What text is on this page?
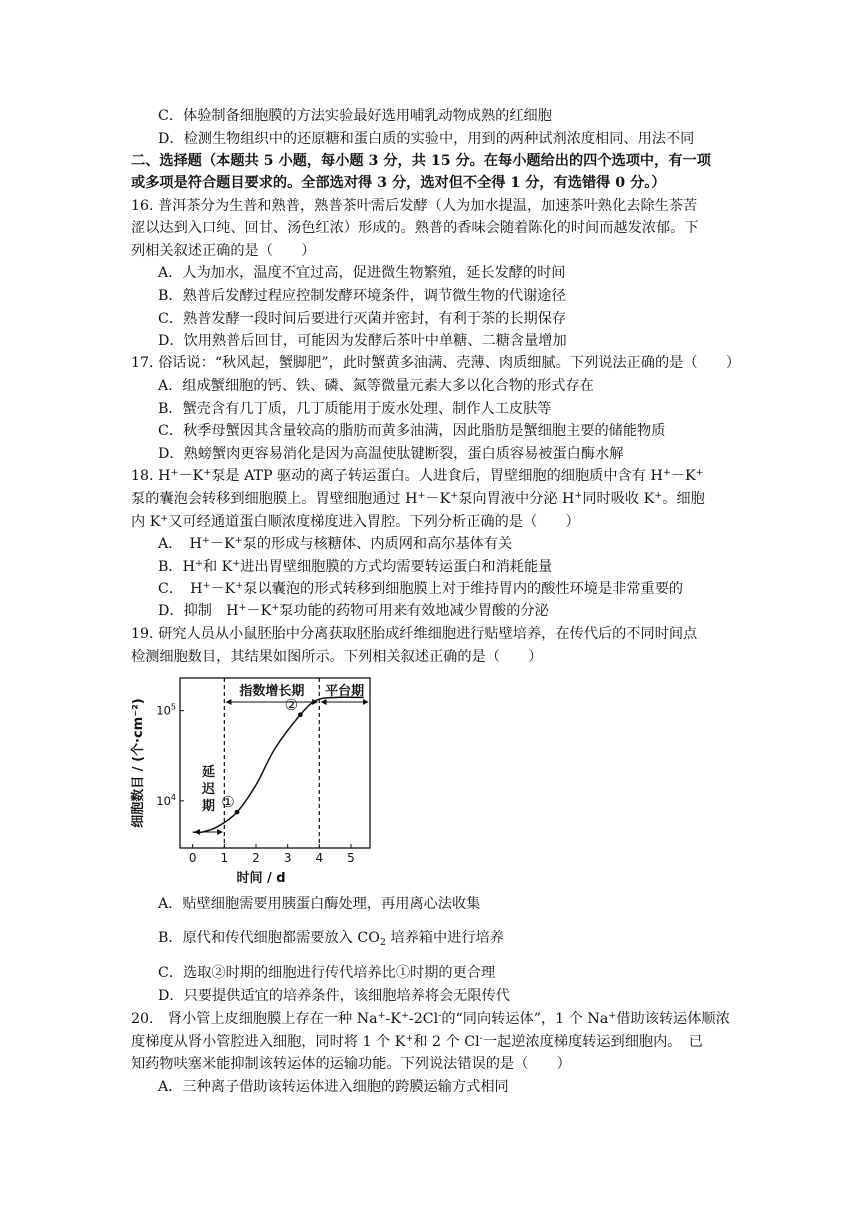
C．体验制备细胞膜的方法实验最好选用哺乳动物成熟的红细胞
D．检测生物组织中的还原糖和蛋白质的实验中，用到的两种试剂浓度相同、用法不同
二、选择题（本题共 5 小题，每小题 3 分，共 15 分。在每小题给出的四个选项中，有一项
或多项是符合题目要求的。全部选对得 3 分，选对但不全得 1 分，有选错得 0 分。）
16. 普洱茶分为生普和熟普，熟普茶叶需后发酵（人为加水提温，加速茶叶熟化去除生茶苦
涩以达到入口纯、回甘、汤色红浓）形成的。熟普的香味会随着陈化的时间而越发浓郁。下
列相关叙述正确的是（　　）
A．人为加水，温度不宜过高，促进微生物繁殖，延长发酵的时间
B．熟普后发酵过程应控制发酵环境条件，调节微生物的代谢途径
C．熟普发酵一段时间后要进行灭菌并密封，有利于茶的长期保存
D．饮用熟普后回甘，可能因为发酵后茶叶中单糖、二糖含量增加
17. 俗话说：“秋风起，蟹脚肥”，此时蟹黄多油满、壳薄、肉质细腻。下列说法正确的是（　　）
A．组成蟹细胞的钙、铁、磷、氮等微量元素大多以化合物的形式存在
B．蟹壳含有几丁质，几丁质能用于废水处理、制作人工皮肤等
C．秋季母蟹因其含量较高的脂肪而黄多油满，因此脂肪是蟹细胞主要的储能物质
D．熟螃蟹肉更容易消化是因为高温使肽键断裂，蛋白质容易被蛋白酶水解
18. H+－K+泵是 ATP 驱动的离子转运蛋白。人进食后，胃壁细胞的细胞质中含有 H+－K+
泵的囊泡会转移到细胞膜上。胃壁细胞通过 H+－K+泵向胃液中分泌 H+同时吸收 K+。细胞
内 K+又可经通道蛋白顺浓度梯度进入胃腔。下列分析正确的是（　　）
A．　H+－K+泵的形成与核糖体、内质网和高尔基体有关
B．H+和 K+进出胃壁细胞膜的方式均需要转运蛋白和消耗能量
C．　H+－K+泵以囊泡的形式转移到细胞膜上对于维持胃内的酸性环境是非常重要的
D．抑制　H+－K+泵功能的药物可用来有效地减少胃酸的分泌
19. 研究人员从小鼠胚胎中分离获取胚胎成纤维细胞进行贴壁培养，在传代后的不同时间点
检测细胞数目，其结果如图所示。下列相关叙述正确的是（　　）
0 1 2 3 4 5
$10^4$
$10^5$
时间 / d
细胞数目 / (个·cm⁻²)	①
②
指数增长期 平台期
延
迟
期
A．贴壁细胞需要用胰蛋白酶处理，再用离心法收集
B．原代和传代细胞都需要放入 $CO_2$ 培养箱中进行培养
C．选取②时期的细胞进行传代培养比①时期的更合理
D．只要提供适宜的培养条件，该细胞培养将会无限传代
20.　肾小管上皮细胞膜上存在一种 Na+-K+-2Cl-的“同向转运体”，1 个 Na+借助该转运体顺浓
度梯度从肾小管腔进入细胞，同时将 1 个 K+和 2 个 Cl-一起逆浓度梯度转运到细胞内。　已
知药物呋塞米能抑制该转运体的运输功能。下列说法错误的是（　　）
A．三种离子借助该转运体进入细胞的跨膜运输方式相同
